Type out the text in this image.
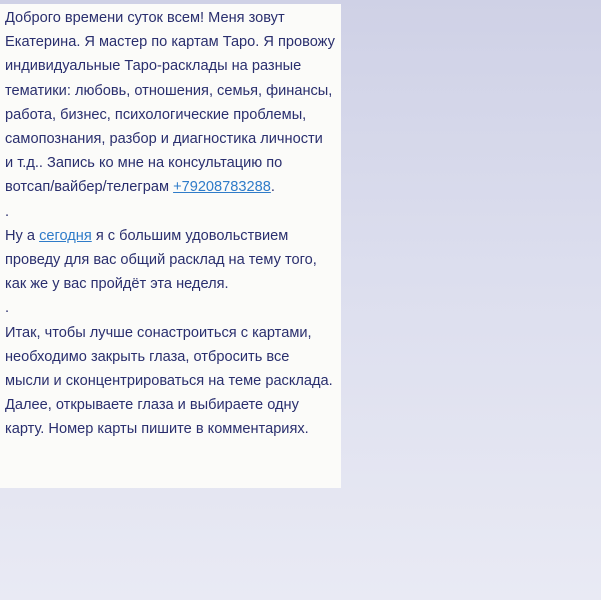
Доброго времени суток всем! Меня зовут Екатерина. Я мастер по картам Таро. Я провожу индивидуальные Таро-расклады на разные тематики: любовь, отношения, семья, финансы, работа, бизнес, психологические проблемы, самопознания, разбор и диагностика личности и т.д.. Запись ко мне на консультацию по вотсап/вайбер/телеграм +79208783288.

.

Ну а сегодня я с большим удовольствием проведу для вас общий расклад на тему того, как же у вас пройдёт эта неделя.

.

Итак, чтобы лучше сонастроиться с картами, необходимо закрыть глаза, отбросить все мысли и сконцентрироваться на теме расклада. Далее, открываете глаза и выбираете одну карту. Номер карты пишите в комментариях.
